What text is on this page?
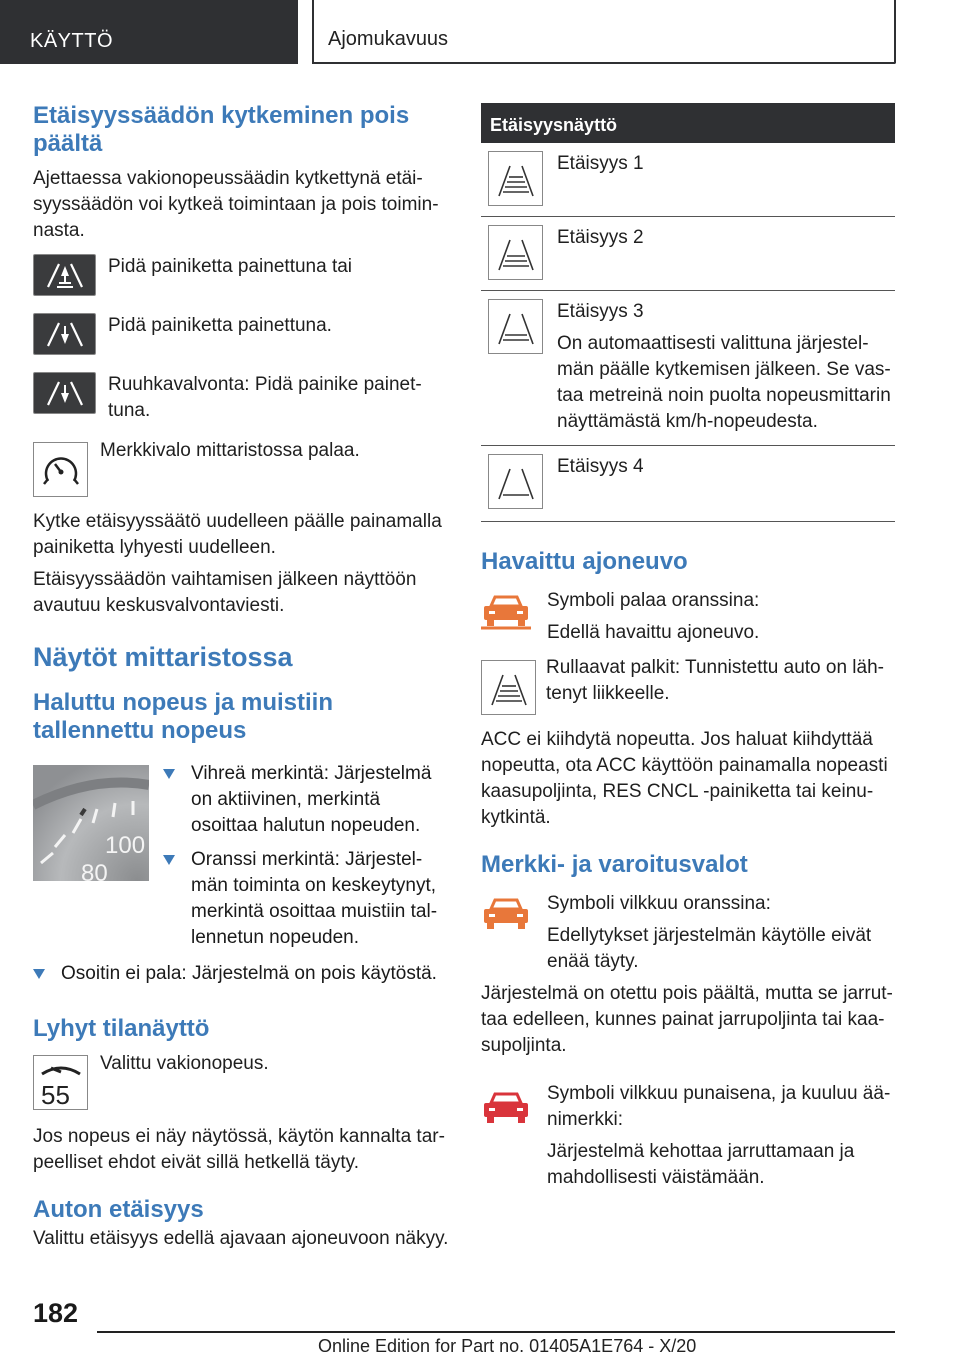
KÄYTTÖ	Ajomukavuus
Etäisyyssäädön kytkeminen pois päältä

Ajettaessa vakionopeussäädin kytkettynä etäisyyssäädön voi kytkeä toimintaan ja pois toiminnasta.

Pidä painiketta painettuna tai

Pidä painiketta painettuna.

Ruuhkavalvonta: Pidä painike painettuna.

Merkkivalo mittaristossa palaa.

Kytke etäisyyssäätö uudelleen päälle painamalla painiketta lyhyesti uudelleen.

Etäisyyssäädön vaihtamisen jälkeen näyttöön avautuu keskusvalvontaviesti.

Näytöt mittaristossa
Haluttu nopeus ja muistiin tallennettu nopeus
100
80
Vihreä merkintä: Järjestelmä on aktiivinen, merkintä osoittaa halutun nopeuden.
Oranssi merkintä: Järjestelmän toiminta on keskeytynyt, merkintä osoittaa muistiin tallennetun nopeuden.
Osoitin ei pala: Järjestelmä on pois käytöstä.
Lyhyt tilanäyttö
55

Valittu vakionopeus.

Jos nopeus ei näy näytössä, käytön kannalta tarpeelliset ehdot eivät sillä hetkellä täyty.

Auton etäisyys

Valittu etäisyys edellä ajavaan ajoneuvoon näkyy.

Etäisyysnäyttö

Etäisyys 1

Etäisyys 2

Etäisyys 3

On automaattisesti valittuna järjestelmän päälle kytkemisen jälkeen. Se vastaa metreinä noin puolta nopeusmittarin näyttämästä km/h-nopeudesta.

Etäisyys 4

Havaittu ajoneuvo

Symboli palaa oranssina:

Edellä havaittu ajoneuvo.

Rullaavat palkit: Tunnistettu auto on lähtenyt liikkeelle.

ACC ei kiihdytä nopeutta. Jos haluat kiihdyttää nopeutta, ota ACC käyttöön painamalla nopeasti kaasupoljinta, RES CNCL -painiketta tai keinukytkintä.

Merkki- ja varoitusvalot

Symboli vilkkuu oranssina:

Edellytykset järjestelmän käytölle eivät enää täyty.

Järjestelmä on otettu pois päältä, mutta se jarruttaa edelleen, kunnes painat jarrupoljinta tai kaasupoljinta.

Symboli vilkkuu punaisena, ja kuuluu äänimerkki:

Järjestelmä kehottaa jarruttamaan ja mahdollisesti väistämään.

182
Online Edition for Part no. 01405A1E764 - X/20
